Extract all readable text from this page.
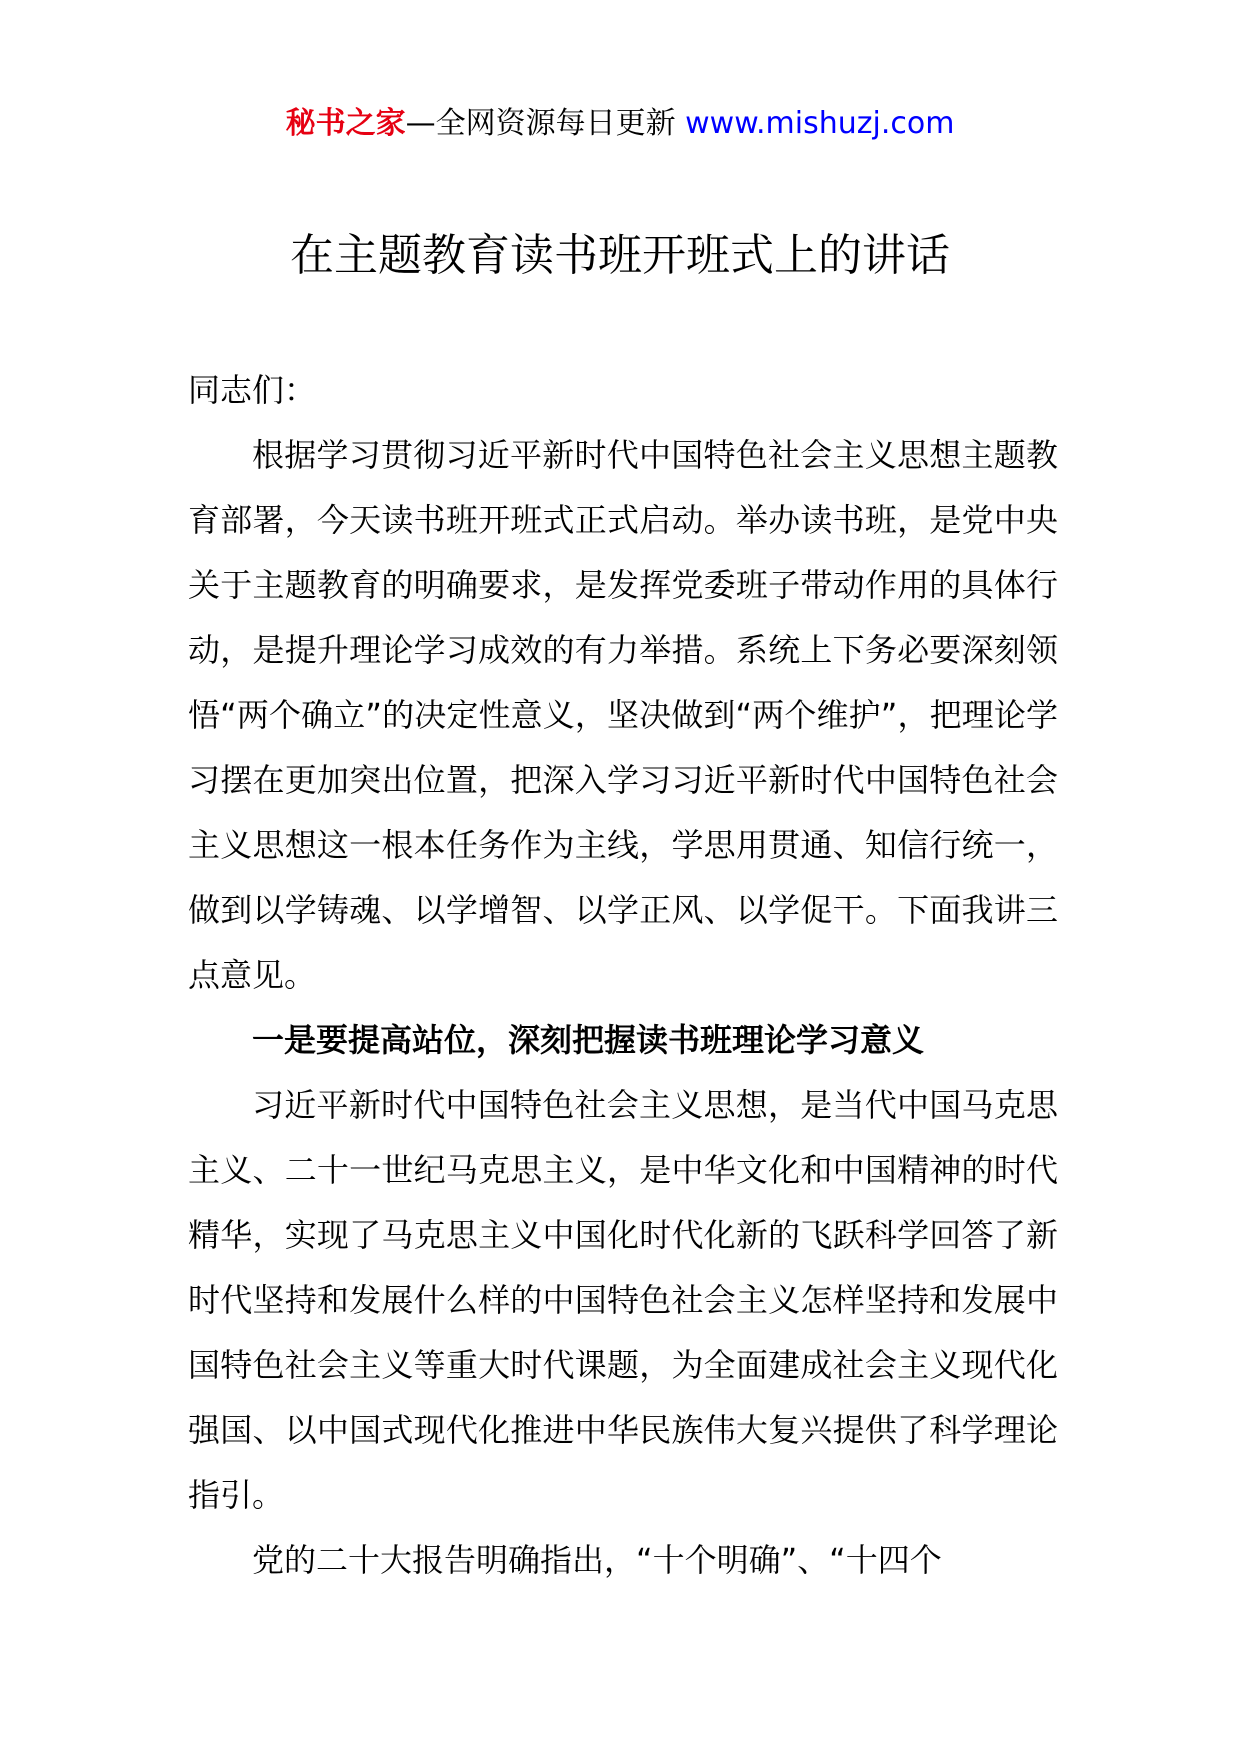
秘书之家—全网资源每日更新 www.mishuzj.com
在主题教育读书班开班式上的讲话

同志们：

根据学习贯彻习近平新时代中国特色社会主义思想主题教育部署，今天读书班开班式正式启动。举办读书班，是党中央关于主题教育的明确要求，是发挥党委班子带动作用的具体行动，是提升理论学习成效的有力举措。系统上下务必要深刻领悟“两个确立”的决定性意义，坚决做到“两个维护”，把理论学习摆在更加突出位置，把深入学习习近平新时代中国特色社会主义思想这一根本任务作为主线，学思用贯通、知信行统一，做到以学铸魂、以学增智、以学正风、以学促干。下面我讲三点意见。

一是要提高站位，深刻把握读书班理论学习意义

习近平新时代中国特色社会主义思想，是当代中国马克思主义、二十一世纪马克思主义，是中华文化和中国精神的时代精华，实现了马克思主义中国化时代化新的飞跃科学回答了新时代坚持和发展什么样的中国特色社会主义怎样坚持和发展中国特色社会主义等重大时代课题，为全面建成社会主义现代化强国、以中国式现代化推进中华民族伟大复兴提供了科学理论指引。

党的二十大报告明确指出，“十个明确”、“十四个
